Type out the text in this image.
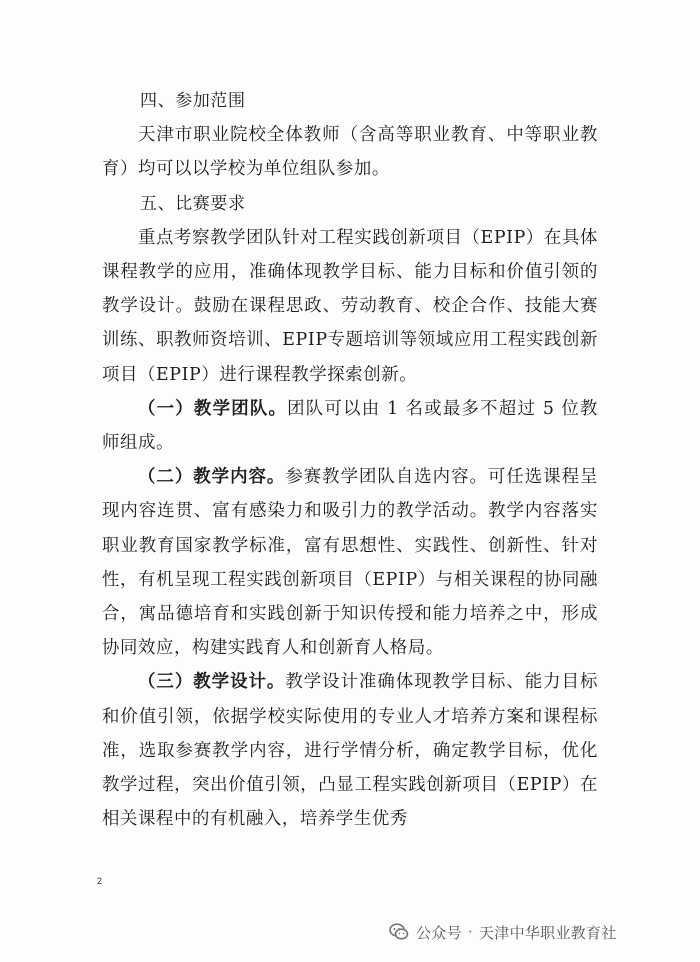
四、参加范围

天津市职业院校全体教师（含高等职业教育、中等职业教育）均可以以学校为单位组队参加。

五、比赛要求

重点考察教学团队针对工程实践创新项目（EPIP）在具体课程教学的应用，准确体现教学目标、能力目标和价值引领的教学设计。鼓励在课程思政、劳动教育、校企合作、技能大赛训练、职教师资培训、EPIP专题培训等领域应用工程实践创新项目（EPIP）进行课程教学探索创新。

（一）教学团队。团队可以由 1 名或最多不超过 5 位教师组成。

（二）教学内容。参赛教学团队自选内容。可任选课程呈现内容连贯、富有感染力和吸引力的教学活动。教学内容落实职业教育国家教学标准，富有思想性、实践性、创新性、针对性，有机呈现工程实践创新项目（EPIP）与相关课程的协同融合，寓品德培育和实践创新于知识传授和能力培养之中，形成协同效应，构建实践育人和创新育人格局。

（三）教学设计。教学设计准确体现教学目标、能力目标和价值引领，依据学校实际使用的专业人才培养方案和课程标准，选取参赛教学内容，进行学情分析，确定教学目标，优化教学过程，突出价值引领，凸显工程实践创新项目（EPIP）在相关课程中的有机融入，培养学生优秀

2
公众号 · 天津中华职业教育社
